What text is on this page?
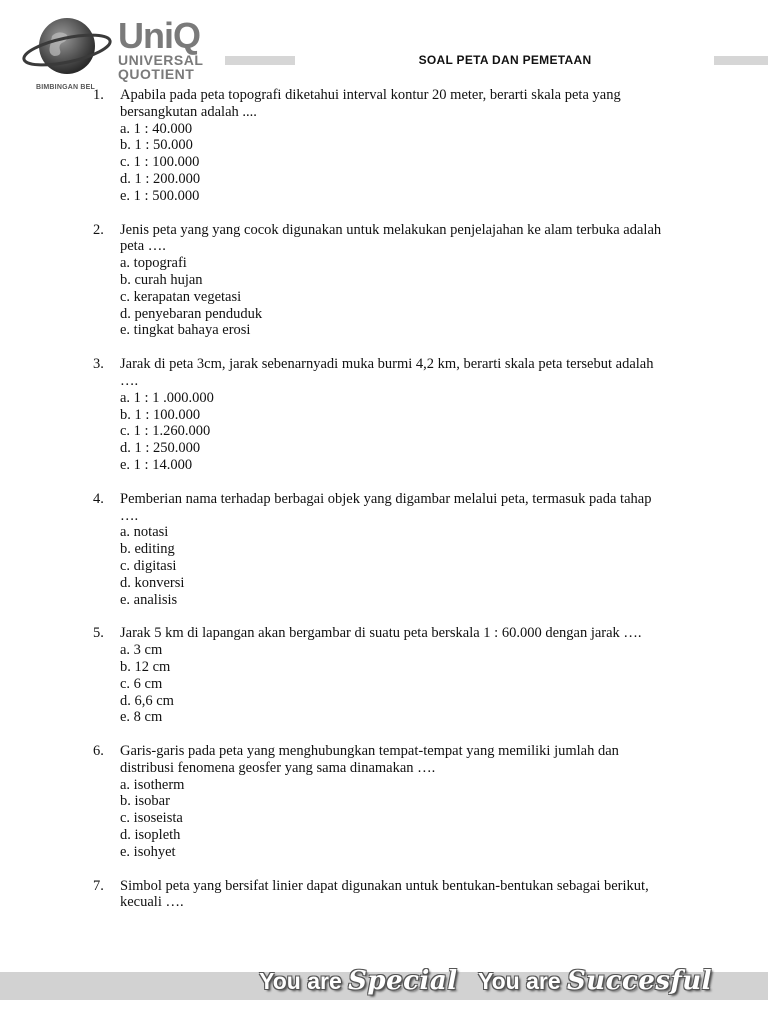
UniQ
UNIVERSAL
QUOTIENT
BIMBINGAN BEL
SOAL PETA DAN PEMETAAN
1. Apabila pada peta topografi diketahui interval kontur 20 meter, berarti skala peta yang bersangkutan adalah ....
a. 1 : 40.000
b. 1 : 50.000
c. 1 : 100.000
d. 1 : 200.000
e. 1 : 500.000
2. Jenis peta yang yang cocok digunakan untuk melakukan penjelajahan ke alam terbuka adalah peta ….
a. topografi
b. curah hujan
c. kerapatan vegetasi
d. penyebaran penduduk
e. tingkat bahaya erosi
3. Jarak di peta 3cm, jarak sebenarnyadi muka burmi 4,2 km, berarti skala peta tersebut adalah ….
a. 1 : 1 .000.000
b. 1 : 100.000
c. 1 : 1.260.000
d. 1 : 250.000
e. 1 : 14.000
4. Pemberian nama terhadap berbagai objek yang digambar melalui peta, termasuk pada tahap ….
a. notasi
b. editing
c. digitasi
d. konversi
e. analisis
5. Jarak 5 km di lapangan akan bergambar di suatu peta berskala 1 : 60.000 dengan jarak ….
a. 3 cm
b. 12 cm
c. 6 cm
d. 6,6 cm
e. 8 cm
6. Garis-garis pada peta yang menghubungkan tempat-tempat yang memiliki jumlah dan distribusi fenomena geosfer yang sama dinamakan ….
a. isotherm
b. isobar
c. isoseista
d. isopleth
e. isohyet
7. Simbol peta yang bersifat linier dapat digunakan untuk bentukan-bentukan sebagai berikut, kecuali ….
You are Special You are Succesful
